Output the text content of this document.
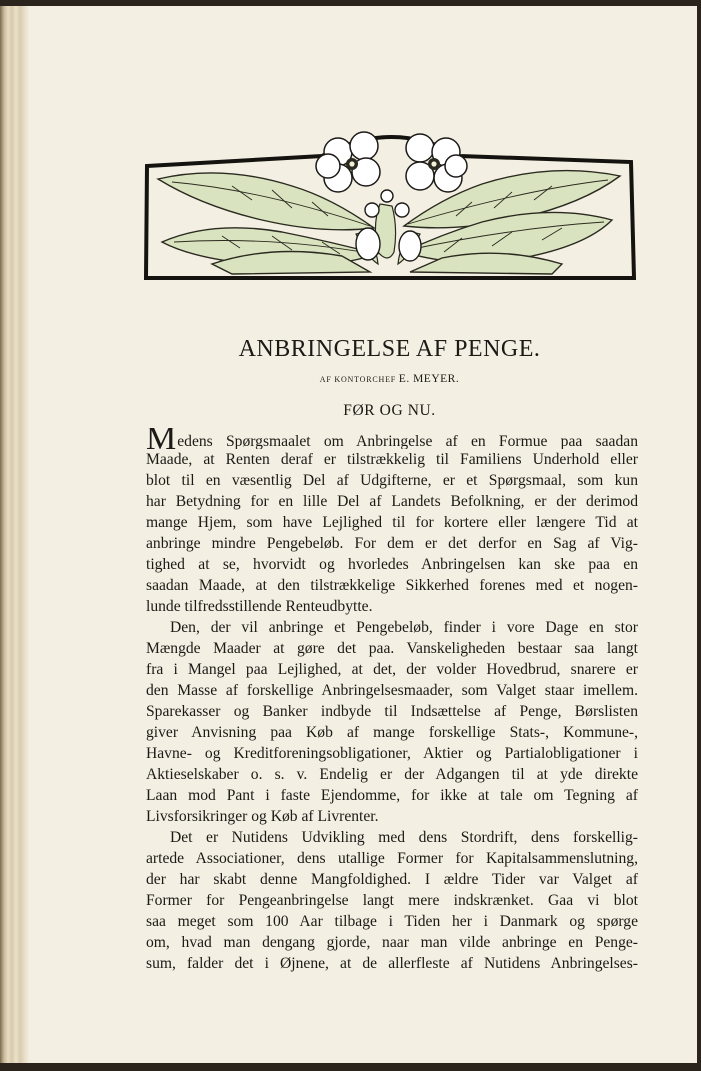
ANBRINGELSE AF PENGE.
AF KONTORCHEF E. MEYER.
FØR OG NU.
Medens Spørgsmaalet om Anbringelse af en Formue paa saadan
Maade, at Renten deraf er tilstrækkelig til Familiens Underhold eller
blot til en væsentlig Del af Udgifterne, er et Spørgsmaal, som kun
har Betydning for en lille Del af Landets Befolkning, er der derimod
mange Hjem, som have Lejlighed til for kortere eller længere Tid at
anbringe mindre Pengebeløb. For dem er det derfor en Sag af Vig-
tighed at se, hvorvidt og hvorledes Anbringelsen kan ske paa en
saadan Maade, at den tilstrækkelige Sikkerhed forenes med et nogen-
lunde tilfredsstillende Renteudbytte.
Den, der vil anbringe et Pengebeløb, finder i vore Dage en stor
Mængde Maader at gøre det paa. Vanskeligheden bestaar saa langt
fra i Mangel paa Lejlighed, at det, der volder Hovedbrud, snarere er
den Masse af forskellige Anbringelsesmaader, som Valget staar imellem.
Sparekasser og Banker indbyde til Indsættelse af Penge, Børslisten
giver Anvisning paa Køb af mange forskellige Stats-, Kommune-,
Havne- og Kreditforeningsobligationer, Aktier og Partialobligationer i
Aktieselskaber o. s. v. Endelig er der Adgangen til at yde direkte
Laan mod Pant i faste Ejendomme, for ikke at tale om Tegning af
Livsforsikringer og Køb af Livrenter.
Det er Nutidens Udvikling med dens Stordrift, dens forskellig-
artede Associationer, dens utallige Former for Kapitalsammenslutning,
der har skabt denne Mangfoldighed. I ældre Tider var Valget af
Former for Pengeanbringelse langt mere indskrænket. Gaa vi blot
saa meget som 100 Aar tilbage i Tiden her i Danmark og spørge
om, hvad man dengang gjorde, naar man vilde anbringe en Penge-
sum, falder det i Øjnene, at de allerfleste af Nutidens Anbringelses-
